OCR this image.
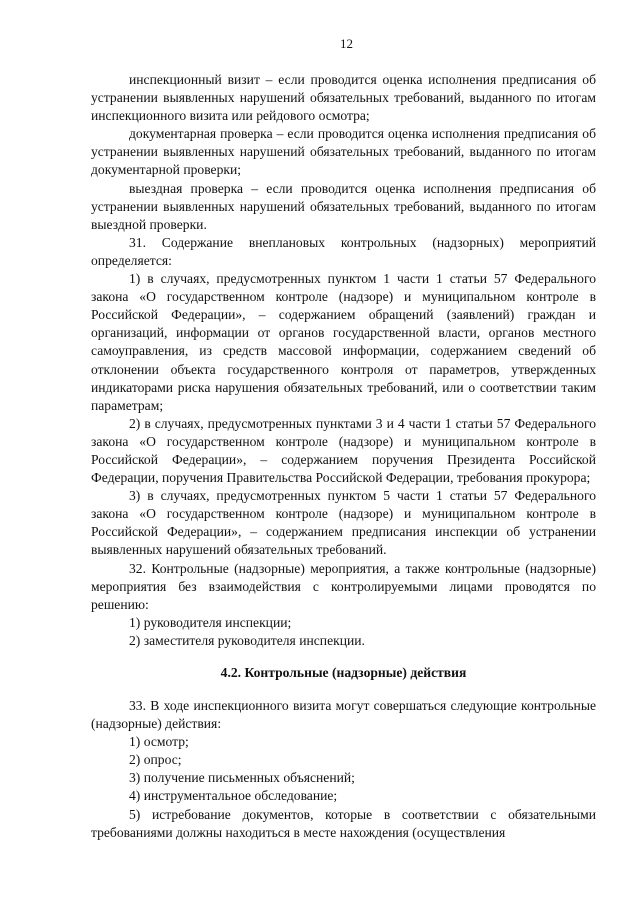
12

инспекционный визит – если проводится оценка исполнения предписания об устранении выявленных нарушений обязательных требований, выданного по итогам инспекционного визита или рейдового осмотра;

документарная проверка – если проводится оценка исполнения предписания об устранении выявленных нарушений обязательных требований, выданного по итогам документарной проверки;

выездная проверка – если проводится оценка исполнения предписания об устранении выявленных нарушений обязательных требований, выданного по итогам выездной проверки.

31. Содержание внеплановых контрольных (надзорных) мероприятий определяется:

1) в случаях, предусмотренных пунктом 1 части 1 статьи 57 Федерального закона «О государственном контроле (надзоре) и муниципальном контроле в Российской Федерации», – содержанием обращений (заявлений) граждан и организаций, информации от органов государственной власти, органов местного самоуправления, из средств массовой информации, содержанием сведений об отклонении объекта государственного контроля от параметров, утвержденных индикаторами риска нарушения обязательных требований, или о соответствии таким параметрам;

2) в случаях, предусмотренных пунктами 3 и 4 части 1 статьи 57 Федерального закона «О государственном контроле (надзоре) и муниципальном контроле в Российской Федерации», – содержанием поручения Президента Российской Федерации, поручения Правительства Российской Федерации, требования прокурора;

3) в случаях, предусмотренных пунктом 5 части 1 статьи 57 Федерального закона «О государственном контроле (надзоре) и муниципальном контроле в Российской Федерации», – содержанием предписания инспекции об устранении выявленных нарушений обязательных требований.

32. Контрольные (надзорные) мероприятия, а также контрольные (надзорные) мероприятия без взаимодействия с контролируемыми лицами проводятся по решению:

1) руководителя инспекции;

2) заместителя руководителя инспекции.

4.2. Контрольные (надзорные) действия

33. В ходе инспекционного визита могут совершаться следующие контрольные (надзорные) действия:

1) осмотр;

2) опрос;

3) получение письменных объяснений;

4) инструментальное обследование;

5) истребование документов, которые в соответствии с обязательными требованиями должны находиться в месте нахождения (осуществления
